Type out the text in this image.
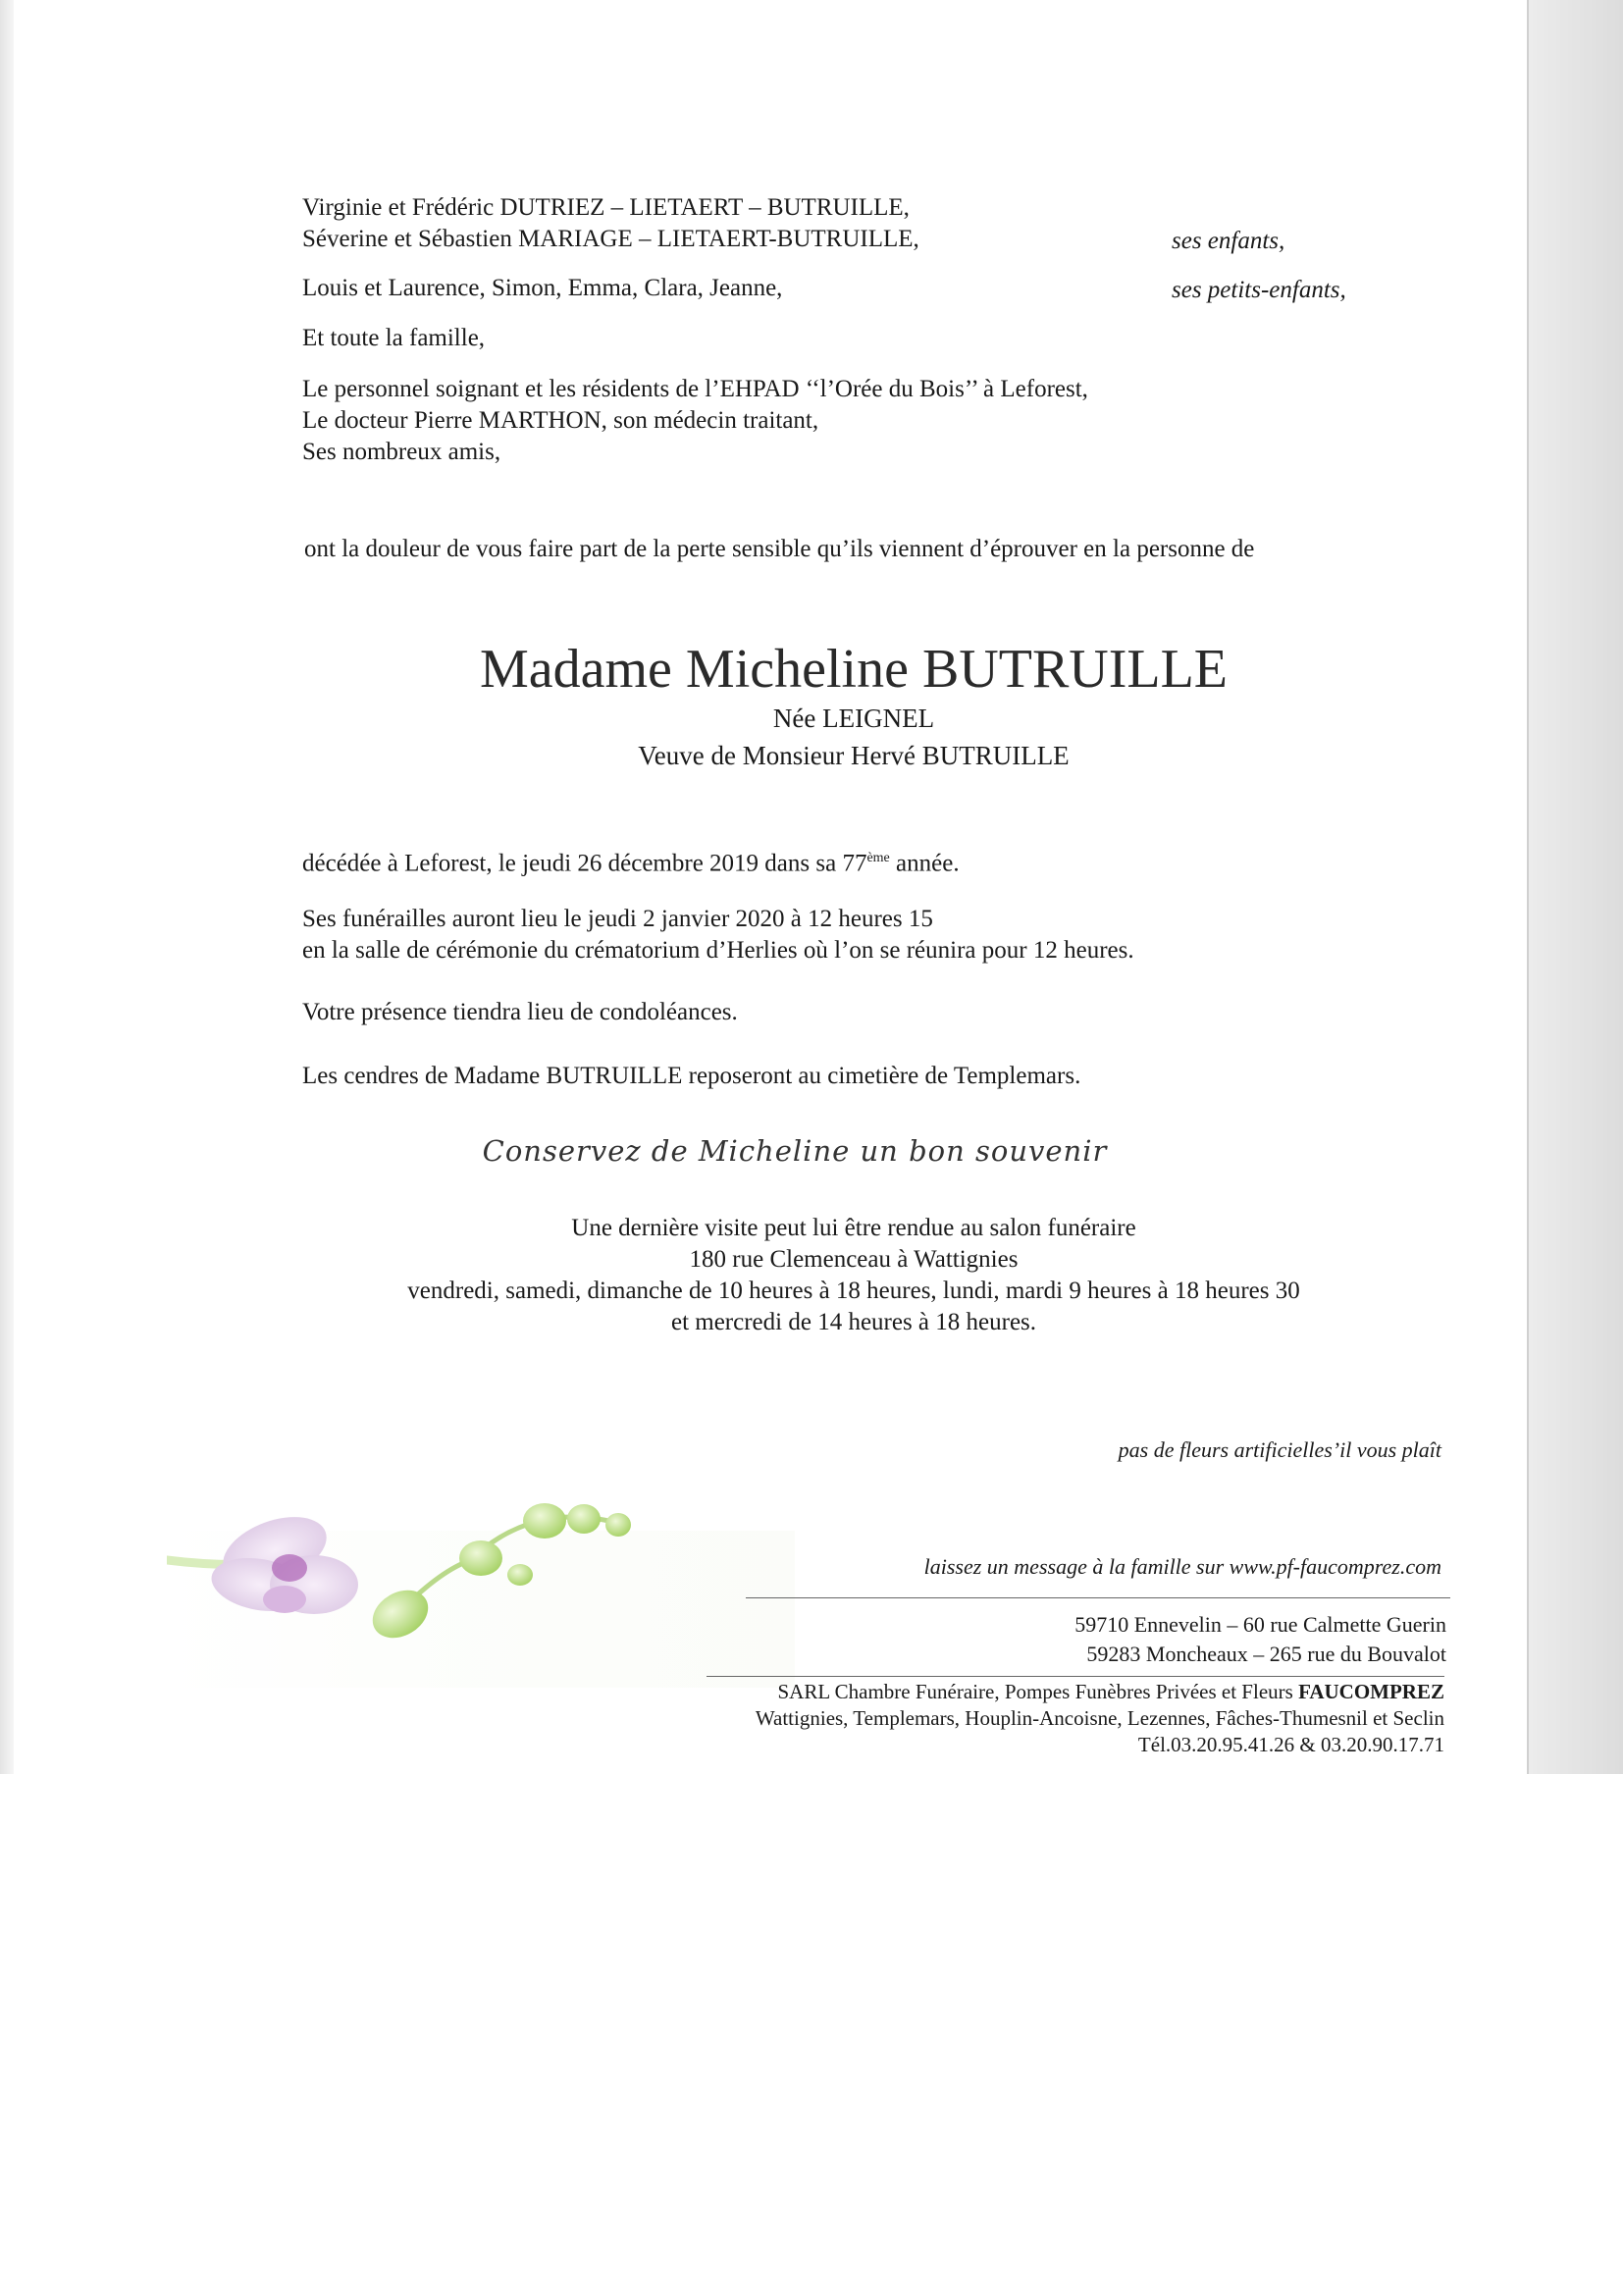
Virginie et Frédéric DUTRIEZ – LIETAERT – BUTRUILLE,
Séverine et Sébastien MARIAGE – LIETAERT-BUTRUILLE,	ses enfants,
Louis et Laurence, Simon, Emma, Clara, Jeanne,	ses petits-enfants,
Et toute la famille,
Le personnel soignant et les résidents de l’EHPAD ‘‘l’Orée du Bois’’ à Leforest,
Le docteur Pierre MARTHON, son médecin traitant,
Ses nombreux amis,
ont la douleur de vous faire part de la perte sensible qu’ils viennent d’éprouver en la personne de
Madame Micheline BUTRUILLE
Née LEIGNEL
Veuve de Monsieur Hervé BUTRUILLE
décédée à Leforest, le jeudi 26 décembre 2019 dans sa 77ème année.
Ses funérailles auront lieu le jeudi 2 janvier 2020 à 12 heures 15
en la salle de cérémonie du crématorium d’Herlies où l’on se réunira pour 12 heures.
Votre présence tiendra lieu de condoléances.
Les cendres de Madame BUTRUILLE reposeront au cimetière de Templemars.
Conservez de Micheline un bon souvenir
Une dernière visite peut lui être rendue au salon funéraire
180 rue Clemenceau à Wattignies
vendredi, samedi, dimanche de 10 heures à 18 heures, lundi, mardi 9 heures à 18 heures 30
et mercredi de 14 heures à 18 heures.
pas de fleurs artificielles’il vous plaît
laissez un message à la famille sur www.pf-faucomprez.com
59710 Ennevelin – 60 rue Calmette Guerin
59283 Moncheaux – 265 rue du Bouvalot
SARL Chambre Funéraire, Pompes Funèbres Privées et Fleurs FAUCOMPREZ
Wattignies, Templemars, Houplin-Ancoisne, Lezennes, Fâches-Thumesnil et Seclin
Tél.03.20.95.41.26 & 03.20.90.17.71
